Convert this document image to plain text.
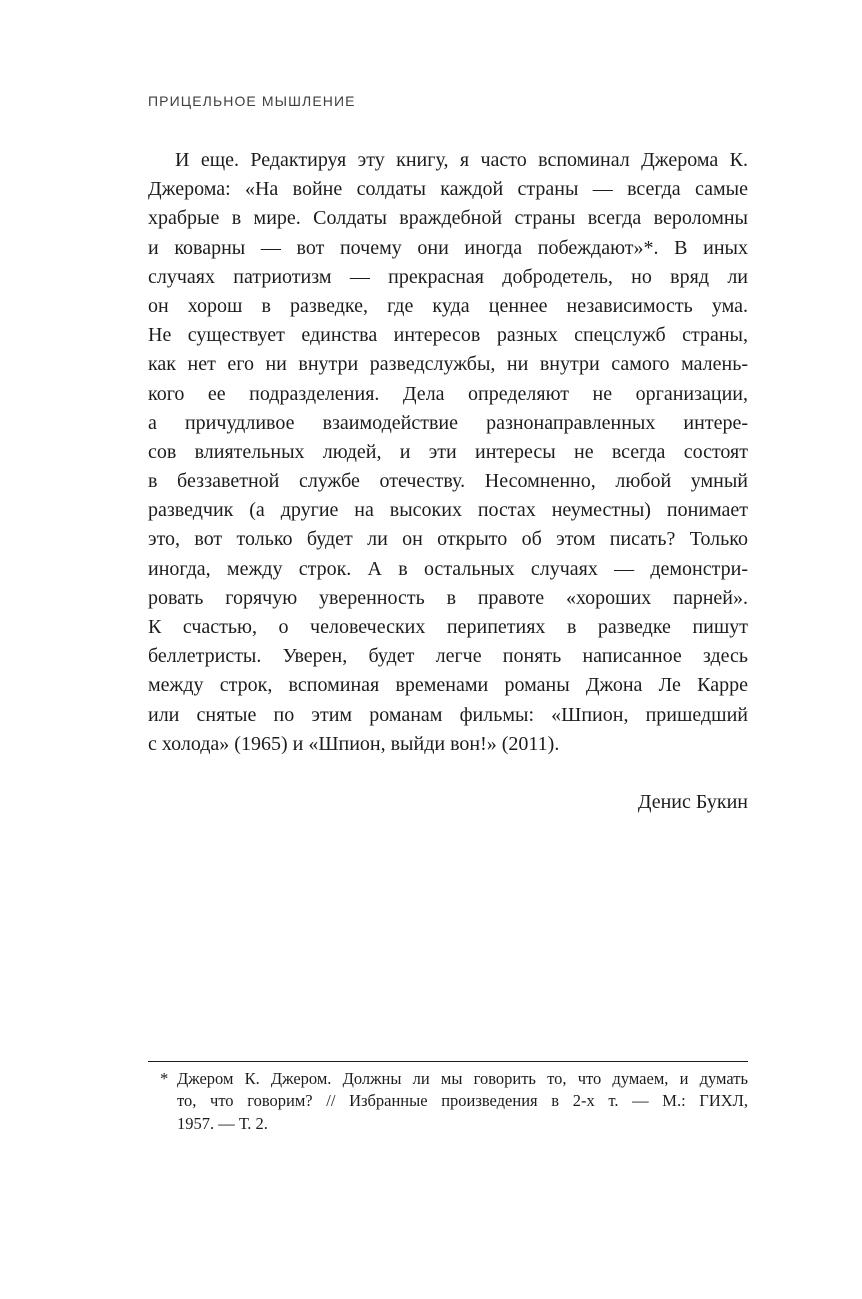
ПРИЦЕЛЬНОЕ МЫШЛЕНИЕ
И еще. Редактируя эту книгу, я часто вспоминал Джерома К.
Джерома: «На войне солдаты каждой страны — всегда самые
храбрые в мире. Солдаты враждебной страны всегда вероломны
и коварны — вот почему они иногда побеждают»*. В иных
случаях патриотизм — прекрасная добродетель, но вряд ли
он хорош в разведке, где куда ценнее независимость ума.
Не существует единства интересов разных спецслужб страны,
как нет его ни внутри разведслужбы, ни внутри самого малень-
кого ее подразделения. Дела определяют не организации,
а причудливое взаимодействие разнонаправленных интере-
сов влиятельных людей, и эти интересы не всегда состоят
в беззаветной службе отечеству. Несомненно, любой умный
разведчик (а другие на высоких постах неуместны) понимает
это, вот только будет ли он открыто об этом писать? Только
иногда, между строк. А в остальных случаях — демонстри-
ровать горячую уверенность в правоте «хороших парней».
К счастью, о человеческих перипетиях в разведке пишут
беллетристы. Уверен, будет легче понять написанное здесь
между строк, вспоминая временами романы Джона Ле Карре
или снятые по этим романам фильмы: «Шпион, пришедший
с холода» (1965) и «Шпион, выйди вон!» (2011).
Денис Букин
* Джером К. Джером. Должны ли мы говорить то, что думаем, и думать
то, что говорим? // Избранные произведения в 2-х т. — М.: ГИХЛ,
1957. — Т. 2.
